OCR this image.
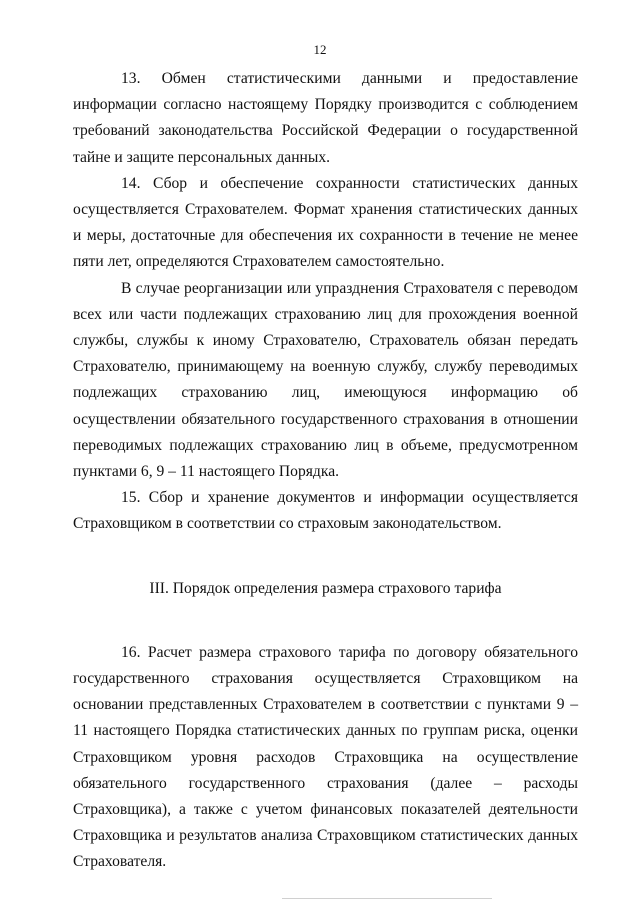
12

13. Обмен статистическими данными и предоставление информации согласно настоящему Порядку производится с соблюдением требований законодательства Российской Федерации о государственной тайне и защите персональных данных.

14. Сбор и обеспечение сохранности статистических данных осуществляется Страхователем. Формат хранения статистических данных и меры, достаточные для обеспечения их сохранности в течение не менее пяти лет, определяются Страхователем самостоятельно.

В случае реорганизации или упразднения Страхователя с переводом всех или части подлежащих страхованию лиц для прохождения военной службы, службы к иному Страхователю, Страхователь обязан передать Страхователю, принимающему на военную службу, службу переводимых подлежащих страхованию лиц, имеющуюся информацию об осуществлении обязательного государственного страхования в отношении переводимых подлежащих страхованию лиц в объеме, предусмотренном пунктами 6, 9 – 11 настоящего Порядка.

15. Сбор и хранение документов и информации осуществляется Страховщиком в соответствии со страховым законодательством.

III. Порядок определения размера страхового тарифа

16. Расчет размера страхового тарифа по договору обязательного государственного страхования осуществляется Страховщиком на основании представленных Страхователем в соответствии с пунктами 9 – 11 настоящего Порядка статистических данных по группам риска, оценки Страховщиком уровня расходов Страховщика на осуществление обязательного государственного страхования (далее – расходы Страховщика), а также с учетом финансовых показателей деятельности Страховщика и результатов анализа Страховщиком статистических данных Страхователя.
